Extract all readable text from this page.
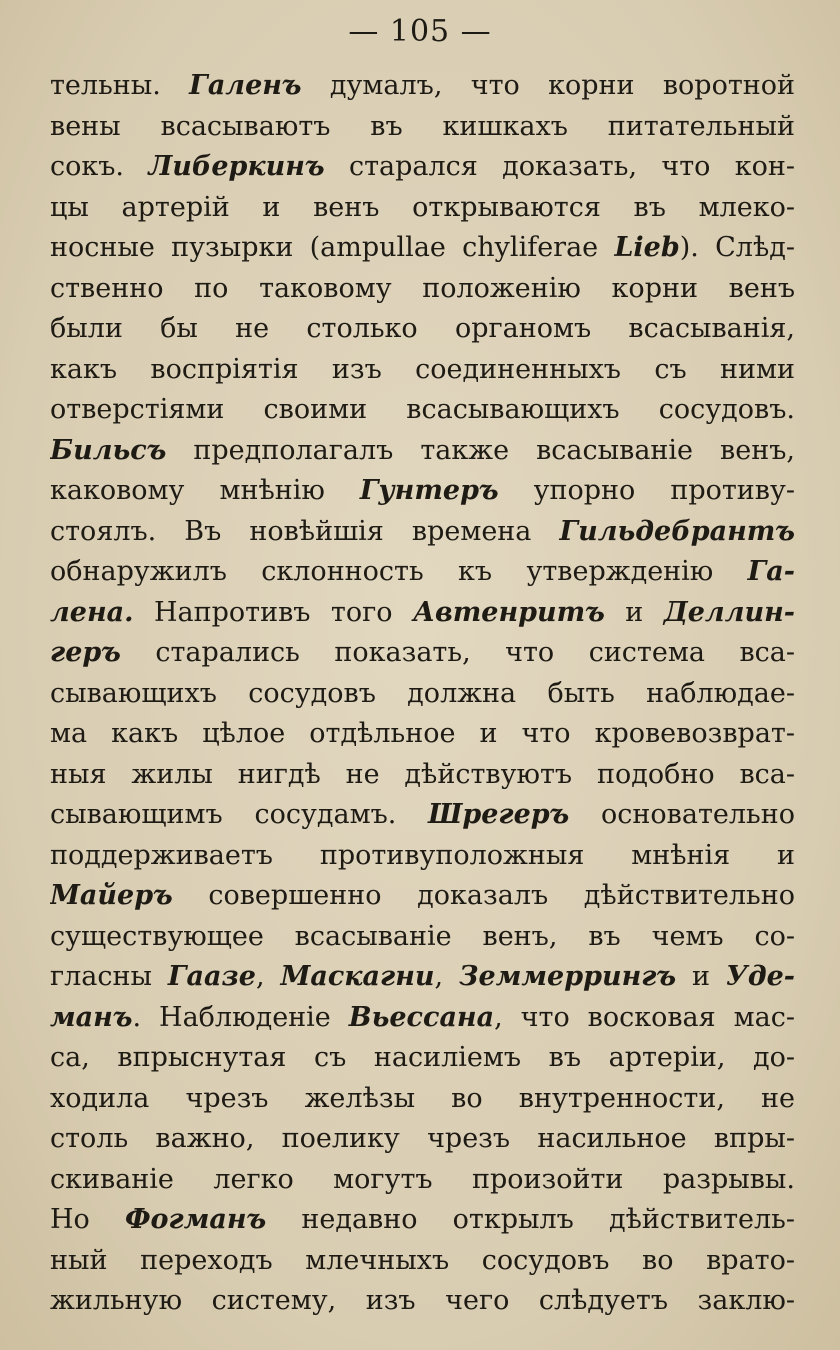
— 105 —
тельны. Галенъ думалъ, что корни воротной
вены всасываютъ въ кишкахъ питательный
сокъ. Либеркинъ старался доказать, что кон-
цы артерій и венъ открываются въ млеко-
носные пузырки (ampullae chyliferae Lieb). Слѣд-
ственно по таковому положенію корни венъ
были бы не столько органомъ всасыванія,
какъ воспріятія изъ соединенныхъ съ ними
отверстіями своими всасывающихъ сосудовъ.
Бильсъ предполагалъ также всасываніе венъ,
каковому мнѣнію Гунтеръ упорно противу-
стоялъ. Въ новѣйшія времена Гильдебрантъ
обнаружилъ склонность къ утвержденію Га-
лена. Напротивъ того Автенритъ и Деллин-
геръ старались показать, что система вса-
сывающихъ сосудовъ должна быть наблюдае-
ма какъ цѣлое отдѣльное и что кровевозврат-
ныя жилы нигдѣ не дѣйствуютъ подобно вса-
сывающимъ сосудамъ. Шрегеръ основательно
поддерживаетъ противуположныя мнѣнія и
Майеръ совершенно доказалъ дѣйствительно
существующее всасываніе венъ, въ чемъ со-
гласны Гаазе, Маскагни, Земмеррингъ и Уде-
манъ. Наблюденіе Вьессана, что восковая мас-
са, впрыснутая съ насиліемъ въ артеріи, до-
ходила чрезъ желѣзы во внутренности, не
столь важно, поелику чрезъ насильное впры-
скиваніе легко могутъ произойти разрывы.
Но Фогманъ недавно открылъ дѣйствитель-
ный переходъ млечныхъ сосудовъ во врато-
жильную систему, изъ чего слѣдуетъ заклю-
